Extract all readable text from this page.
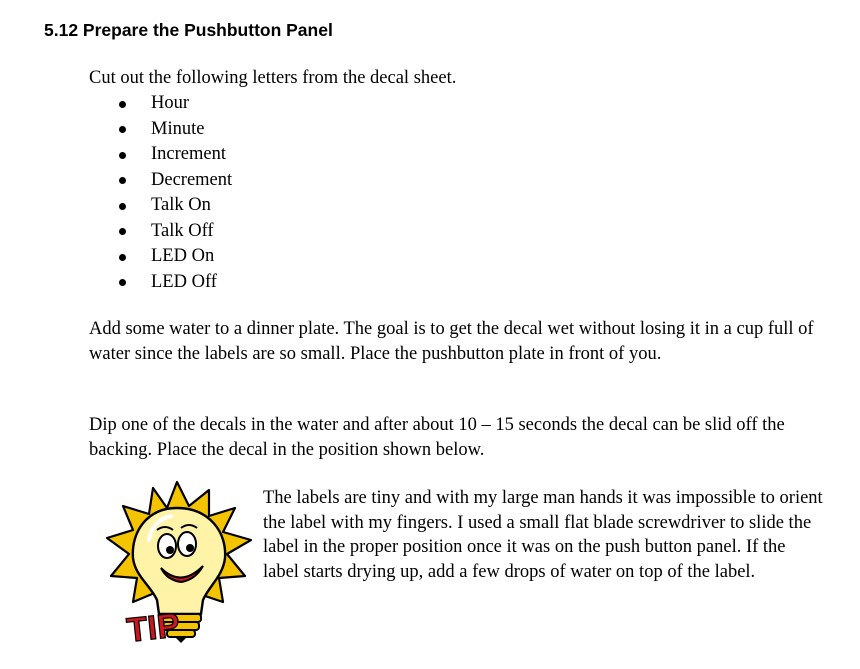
5.12 Prepare the Pushbutton Panel

Cut out the following letters from the decal sheet.

Hour
Minute
Increment
Decrement
Talk On
Talk Off
LED On
LED Off

Add some water to a dinner plate. The goal is to get the decal wet without losing it in a cup full of water since the labels are so small. Place the pushbutton plate in front of you.

Dip one of the decals in the water and after about 10 – 15 seconds the decal can be slid off the backing. Place the decal in the position shown below.

TIP

The labels are tiny and with my large man hands it was impossible to orient the label with my fingers. I used a small flat blade screwdriver to slide the label in the proper position once it was on the push button panel. If the label starts drying up, add a few drops of water on top of the label.
